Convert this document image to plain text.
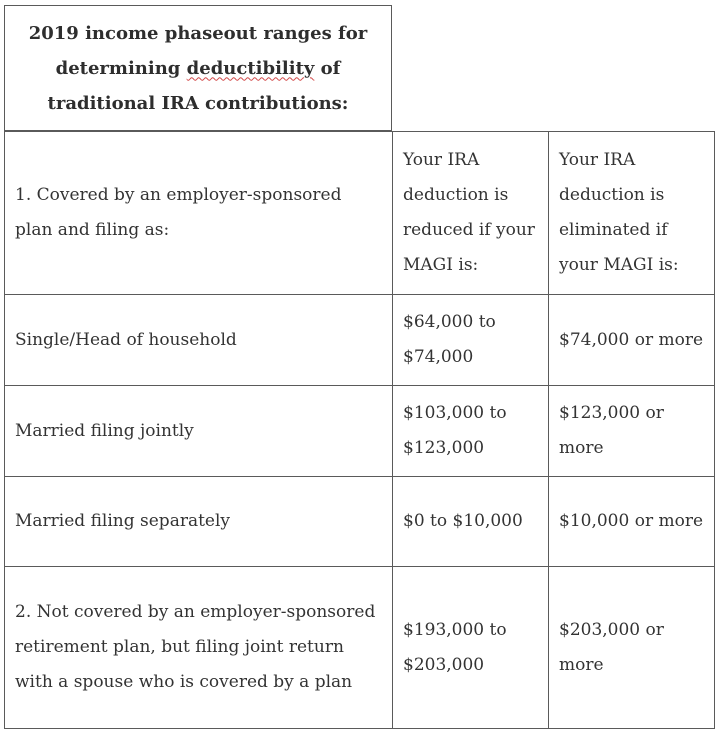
2019 income phaseout ranges for
determining deductibility of
traditional IRA contributions:
1. Covered by an employer-sponsored plan and filing as:	Your IRA deduction is reduced if your MAGI is:	Your IRA deduction is eliminated if your MAGI is:
Single/Head of household	$64,000 to $74,000	$74,000 or more
Married filing jointly	$103,000 to $123,000	$123,000 or more
Married filing separately	$0 to $10,000	$10,000 or more
2. Not covered by an employer-sponsored retirement plan, but filing joint return with a spouse who is covered by a plan	$193,000 to $203,000	$203,000 or more
